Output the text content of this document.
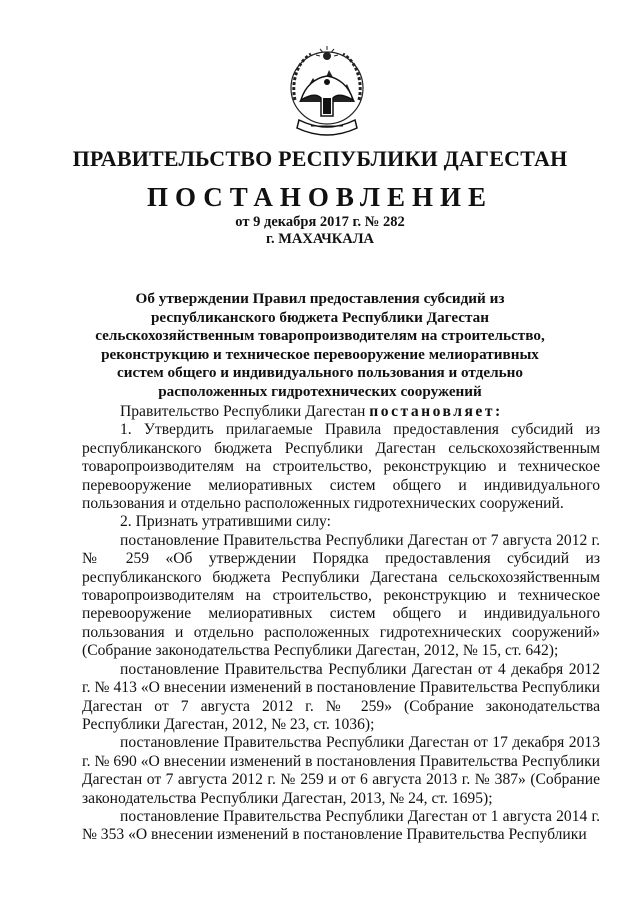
ПРАВИТЕЛЬСТВО РЕСПУБЛИКИ ДАГЕСТАН
ПОСТАНОВЛЕНИЕ
от 9 декабря 2017 г. № 282
г. МАХАЧКАЛА
Об утверждении Правил предоставления субсидий из республиканского бюджета Республики Дагестан сельскохозяйственным товаропроизводителям на строительство, реконструкцию и техническое перевооружение мелиоративных систем общего и индивидуального пользования и отдельно расположенных гидротехнических сооружений

Правительство Республики Дагестан постановляет:

1. Утвердить прилагаемые Правила предоставления субсидий из республиканского бюджета Республики Дагестан сельскохозяйственным товаропроизводителям на строительство, реконструкцию и техническое перевооружение мелиоративных систем общего и индивидуального пользования и отдельно расположенных гидротехнических сооружений.

2. Признать утратившими силу:

постановление Правительства Республики Дагестан от 7 августа 2012 г. № 259 «Об утверждении Порядка предоставления субсидий из республиканского бюджета Республики Дагестана сельскохозяйственным товаропроизводителям на строительство, реконструкцию и техническое перевооружение мелиоративных систем общего и индивидуального пользования и отдельно расположенных гидротехнических сооружений» (Собрание законодательства Республики Дагестан, 2012, № 15, ст. 642);

постановление Правительства Республики Дагестан от 4 декабря 2012 г. № 413 «О внесении изменений в постановление Правительства Республики Дагестан от 7 августа 2012 г. № 259» (Собрание законодательства Республики Дагестан, 2012, № 23, ст. 1036);

постановление Правительства Республики Дагестан от 17 декабря 2013 г. № 690 «О внесении изменений в постановления Правительства Республики Дагестан от 7 августа 2012 г. № 259 и от 6 августа 2013 г. № 387» (Собрание законодательства Республики Дагестан, 2013, № 24, ст. 1695);

постановление Правительства Республики Дагестан от 1 августа 2014 г. № 353 «О внесении изменений в постановление Правительства Республики
